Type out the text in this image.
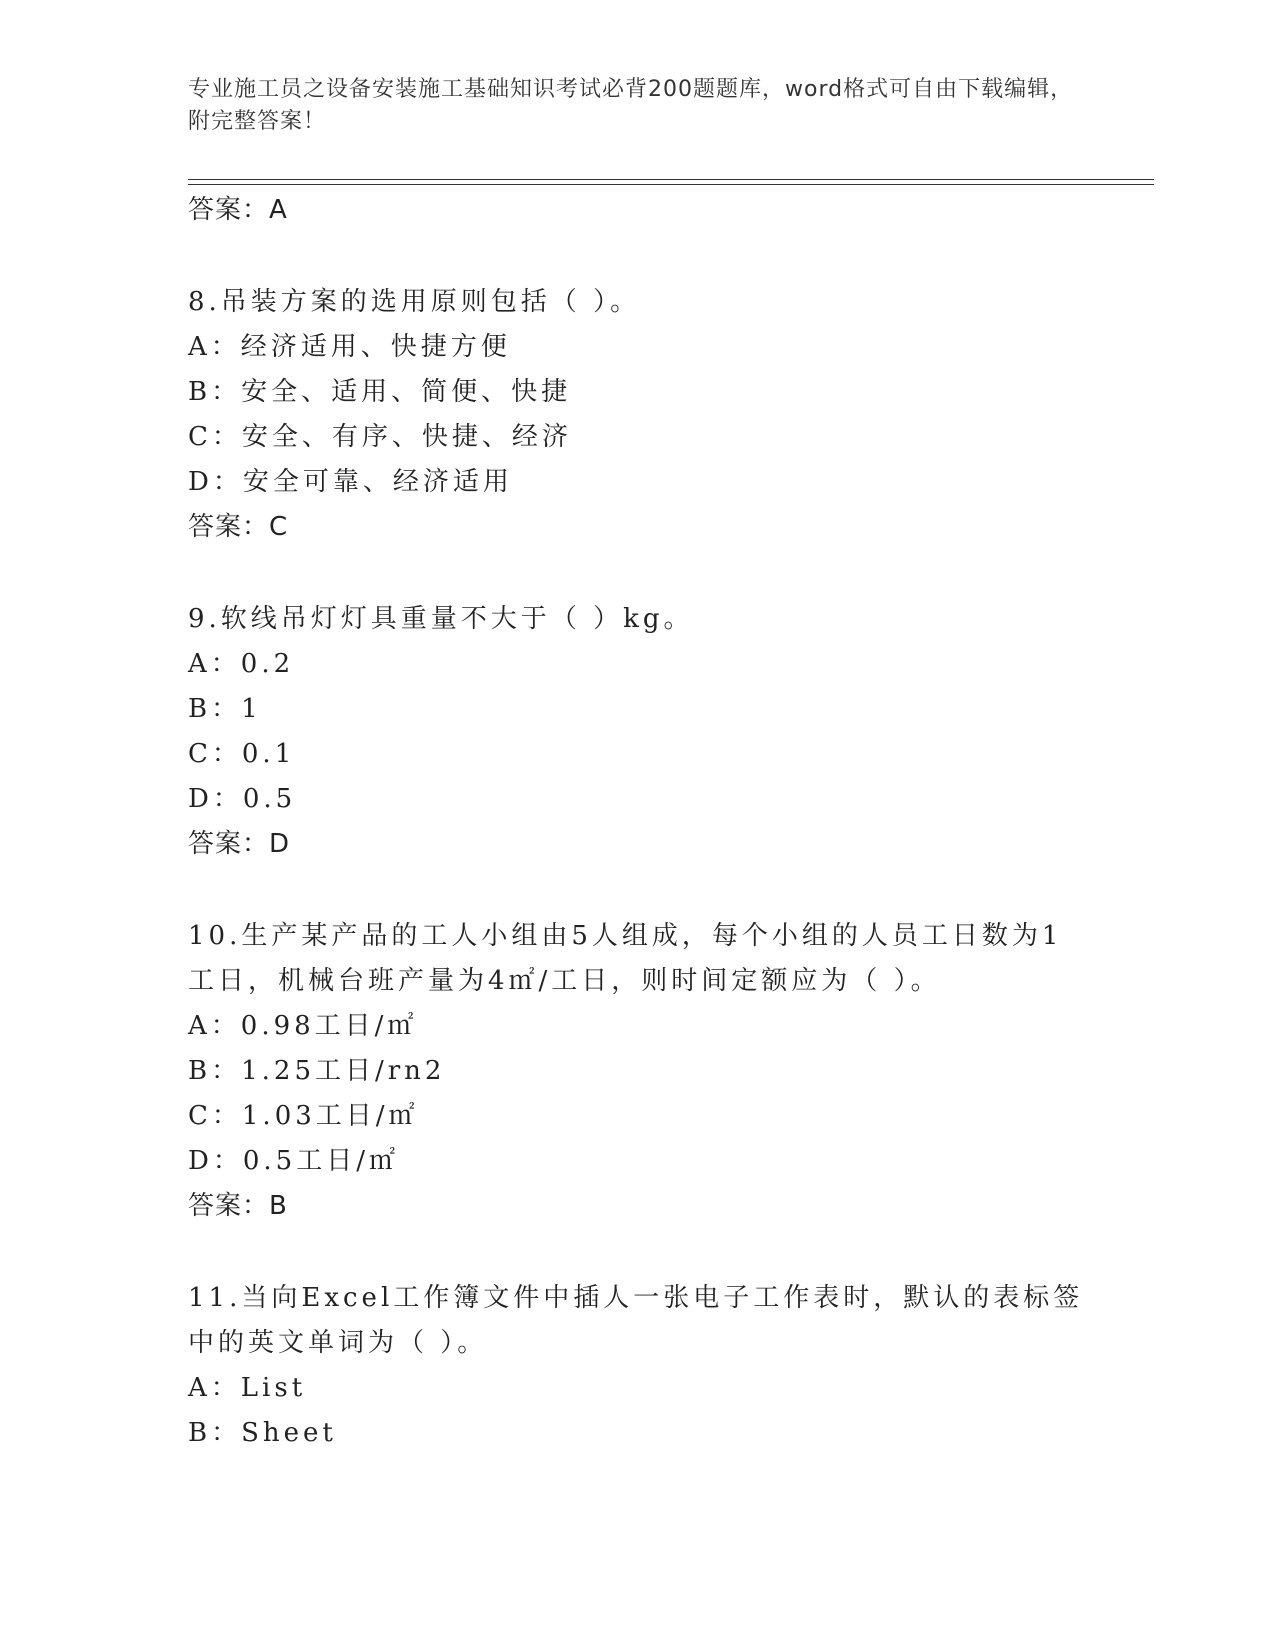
专业施工员之设备安装施工基础知识考试必背200题题库，word格式可自由下载编辑，附完整答案！
答案：A
8.吊装方案的选用原则包括（ ）。
A：经济适用、快捷方便
B：安全、适用、简便、快捷
C：安全、有序、快捷、经济
D：安全可靠、经济适用
答案：C
9.软线吊灯灯具重量不大于（ ）kg。
A：0.2
B：1
C：0.1
D：0.5
答案：D
10.生产某产品的工人小组由5人组成，每个小组的人员工日数为1工日，机械台班产量为4㎡/工日，则时间定额应为（ ）。
A：0.98工日/㎡
B：1.25工日/rn2
C：1.03工日/㎡
D：0.5工日/㎡
答案：B
11.当向Excel工作簿文件中插人一张电子工作表时，默认的表标签中的英文单词为（ ）。
A：List
B：Sheet
